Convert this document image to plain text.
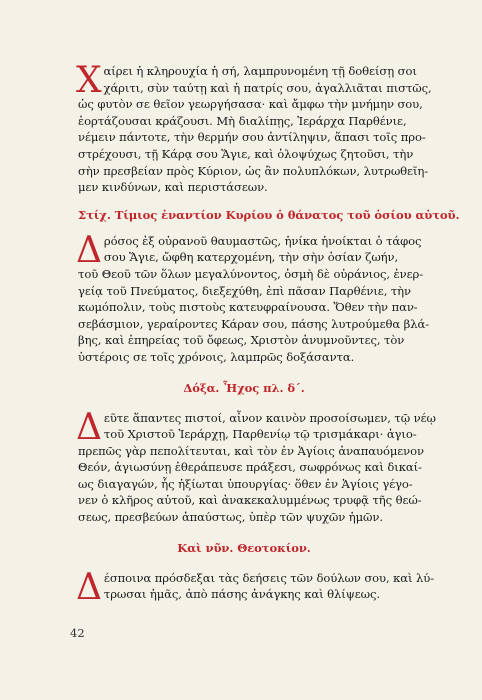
Χ αίρει ἡ κληρουχία ἡ σή, λαμπρυνομένη τῇ δοθείσῃ σοι
χάριτι, σὺν ταύτῃ καὶ ἡ πατρίς σου, ἀγαλλιᾶται πιστῶς,
ὡς φυτὸν σε θεῖον γεωργήσασα· καὶ ἄμφω τὴν μνήμην σου,
ἑορτάζουσαι κράζουσι. Μὴ διαλίπῃς, Ἱεράρχα Παρθένιε,
νέμειν πάντοτε, τὴν θερμήν σου ἀντίληψιν, ἅπασι τοῖς προ-
στρέχουσι, τῇ Κάρᾳ σου Ἅγιε, καὶ ὁλοψύχως ζητοῦσι, τὴν
σὴν πρεσβείαν πρὸς Κύριον, ὡς ἂν πολυπλόκων, λυτρωθεῖη-
μεν κινδύνων, καὶ περιστάσεων.

Στίχ. Τίμιος ἐναντίον Κυρίου ὁ θάνατος τοῦ ὁσίου αὐτοῦ.

Δ ρόσος ἐξ οὐρανοῦ θαυμαστῶς, ἡνίκα ἠνοίκται ὁ τάφος
σου Ἅγιε, ὤφθη κατερχομένη, τὴν σὴν ὁσίαν ζωήν,
τοῦ Θεοῦ τῶν ὅλων μεγαλύνοντος, ὀσμὴ δὲ οὐράνιος, ἐνερ-
γείᾳ τοῦ Πνεύματος, διεξεχύθη, ἐπὶ πᾶσαν Παρθένιε, τὴν
κωμόπολιν, τοὺς πιστοὺς κατευφραίνουσα. Ὅθεν τὴν παν-
σεβάσμιον, γεραίροντες Κάραν σου, πάσης λυτρούμεθα βλά-
βης, καὶ ἐπηρείας τοῦ ὄφεως, Χριστὸν ἀνυμνοῦντες, τὸν
ὑστέροις σε τοῖς χρόνοις, λαμπρῶς δοξάσαντα.

Δόξα. Ἦχος πλ. δ΄.

Δ εῦτε ἅπαντες πιστοί, αἶνον καινὸν προσοίσωμεν, τῷ νέῳ
τοῦ Χριστοῦ Ἱεράρχῃ, Παρθενίῳ τῷ τρισμάκαρι· ἁγιο-
πρεπῶς γὰρ πεπολίτευται, καὶ τὸν ἐν Ἁγίοις ἀναπαυόμενον
Θεόν, ἁγιωσύνῃ ἐθεράπευσε πράξεσι, σωφρόνως καὶ δικαί-
ως διαγαγών, ἧς ἠξίωται ὑπουργίας· ὅθεν ἐν Ἁγίοις γέγο-
νεν ὁ κλῆρος αὐτοῦ, καὶ ἀνακεκαλυμμένως τρυφᾷ τῆς θεώ-
σεως, πρεσβεύων ἀπαύστως, ὑπὲρ τῶν ψυχῶν ἡμῶν.

Καὶ νῦν. Θεοτοκίον.

Δ έσποινα πρόσδεξαι τὰς δεήσεις τῶν δούλων σου, καὶ λύ-
τρωσαι ἡμᾶς, ἀπὸ πάσης ἀνάγκης καὶ θλίψεως.
42
